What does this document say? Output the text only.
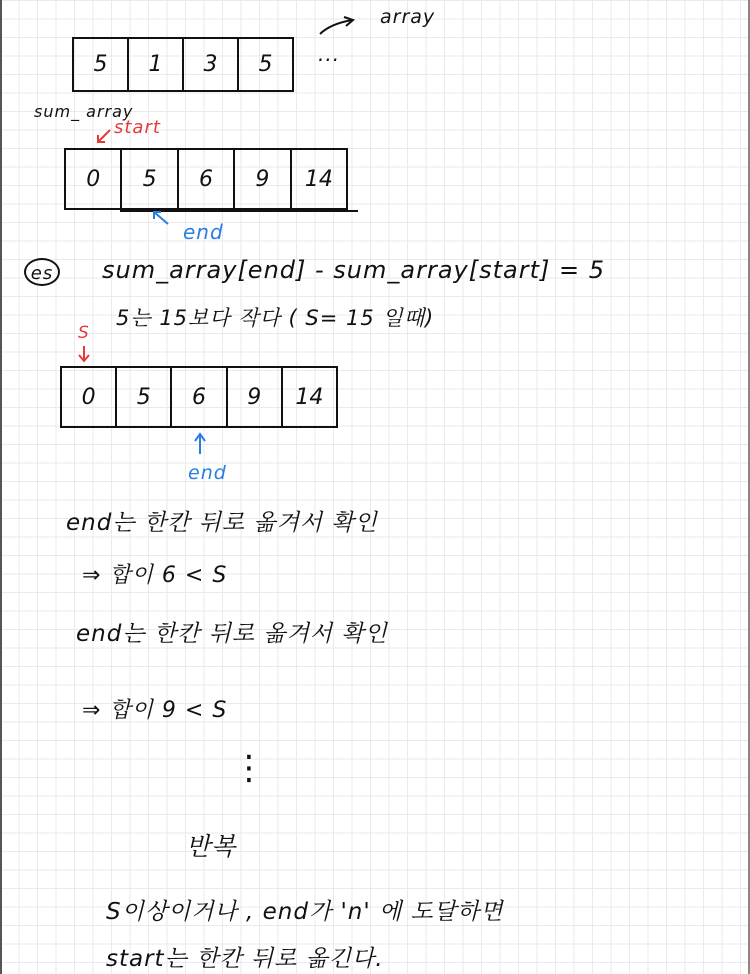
5	1	3	5	...
array
sum_ array
start
0	5	6	9	14
end
es sum_array[end] - sum_array[start] = 5
5는 15보다 작다 ( S= 15 일때)
S
0	5	6	9	14
end
end는 한칸 뒤로 옮겨서 확인
⇒ 합이 6 < S
end는 한칸 뒤로 옮겨서 확인
⇒ 합이 9 < S
⋮
반복
S이상이거나 , end가 'n' 에 도달하면
start는 한칸 뒤로 옮긴다.
